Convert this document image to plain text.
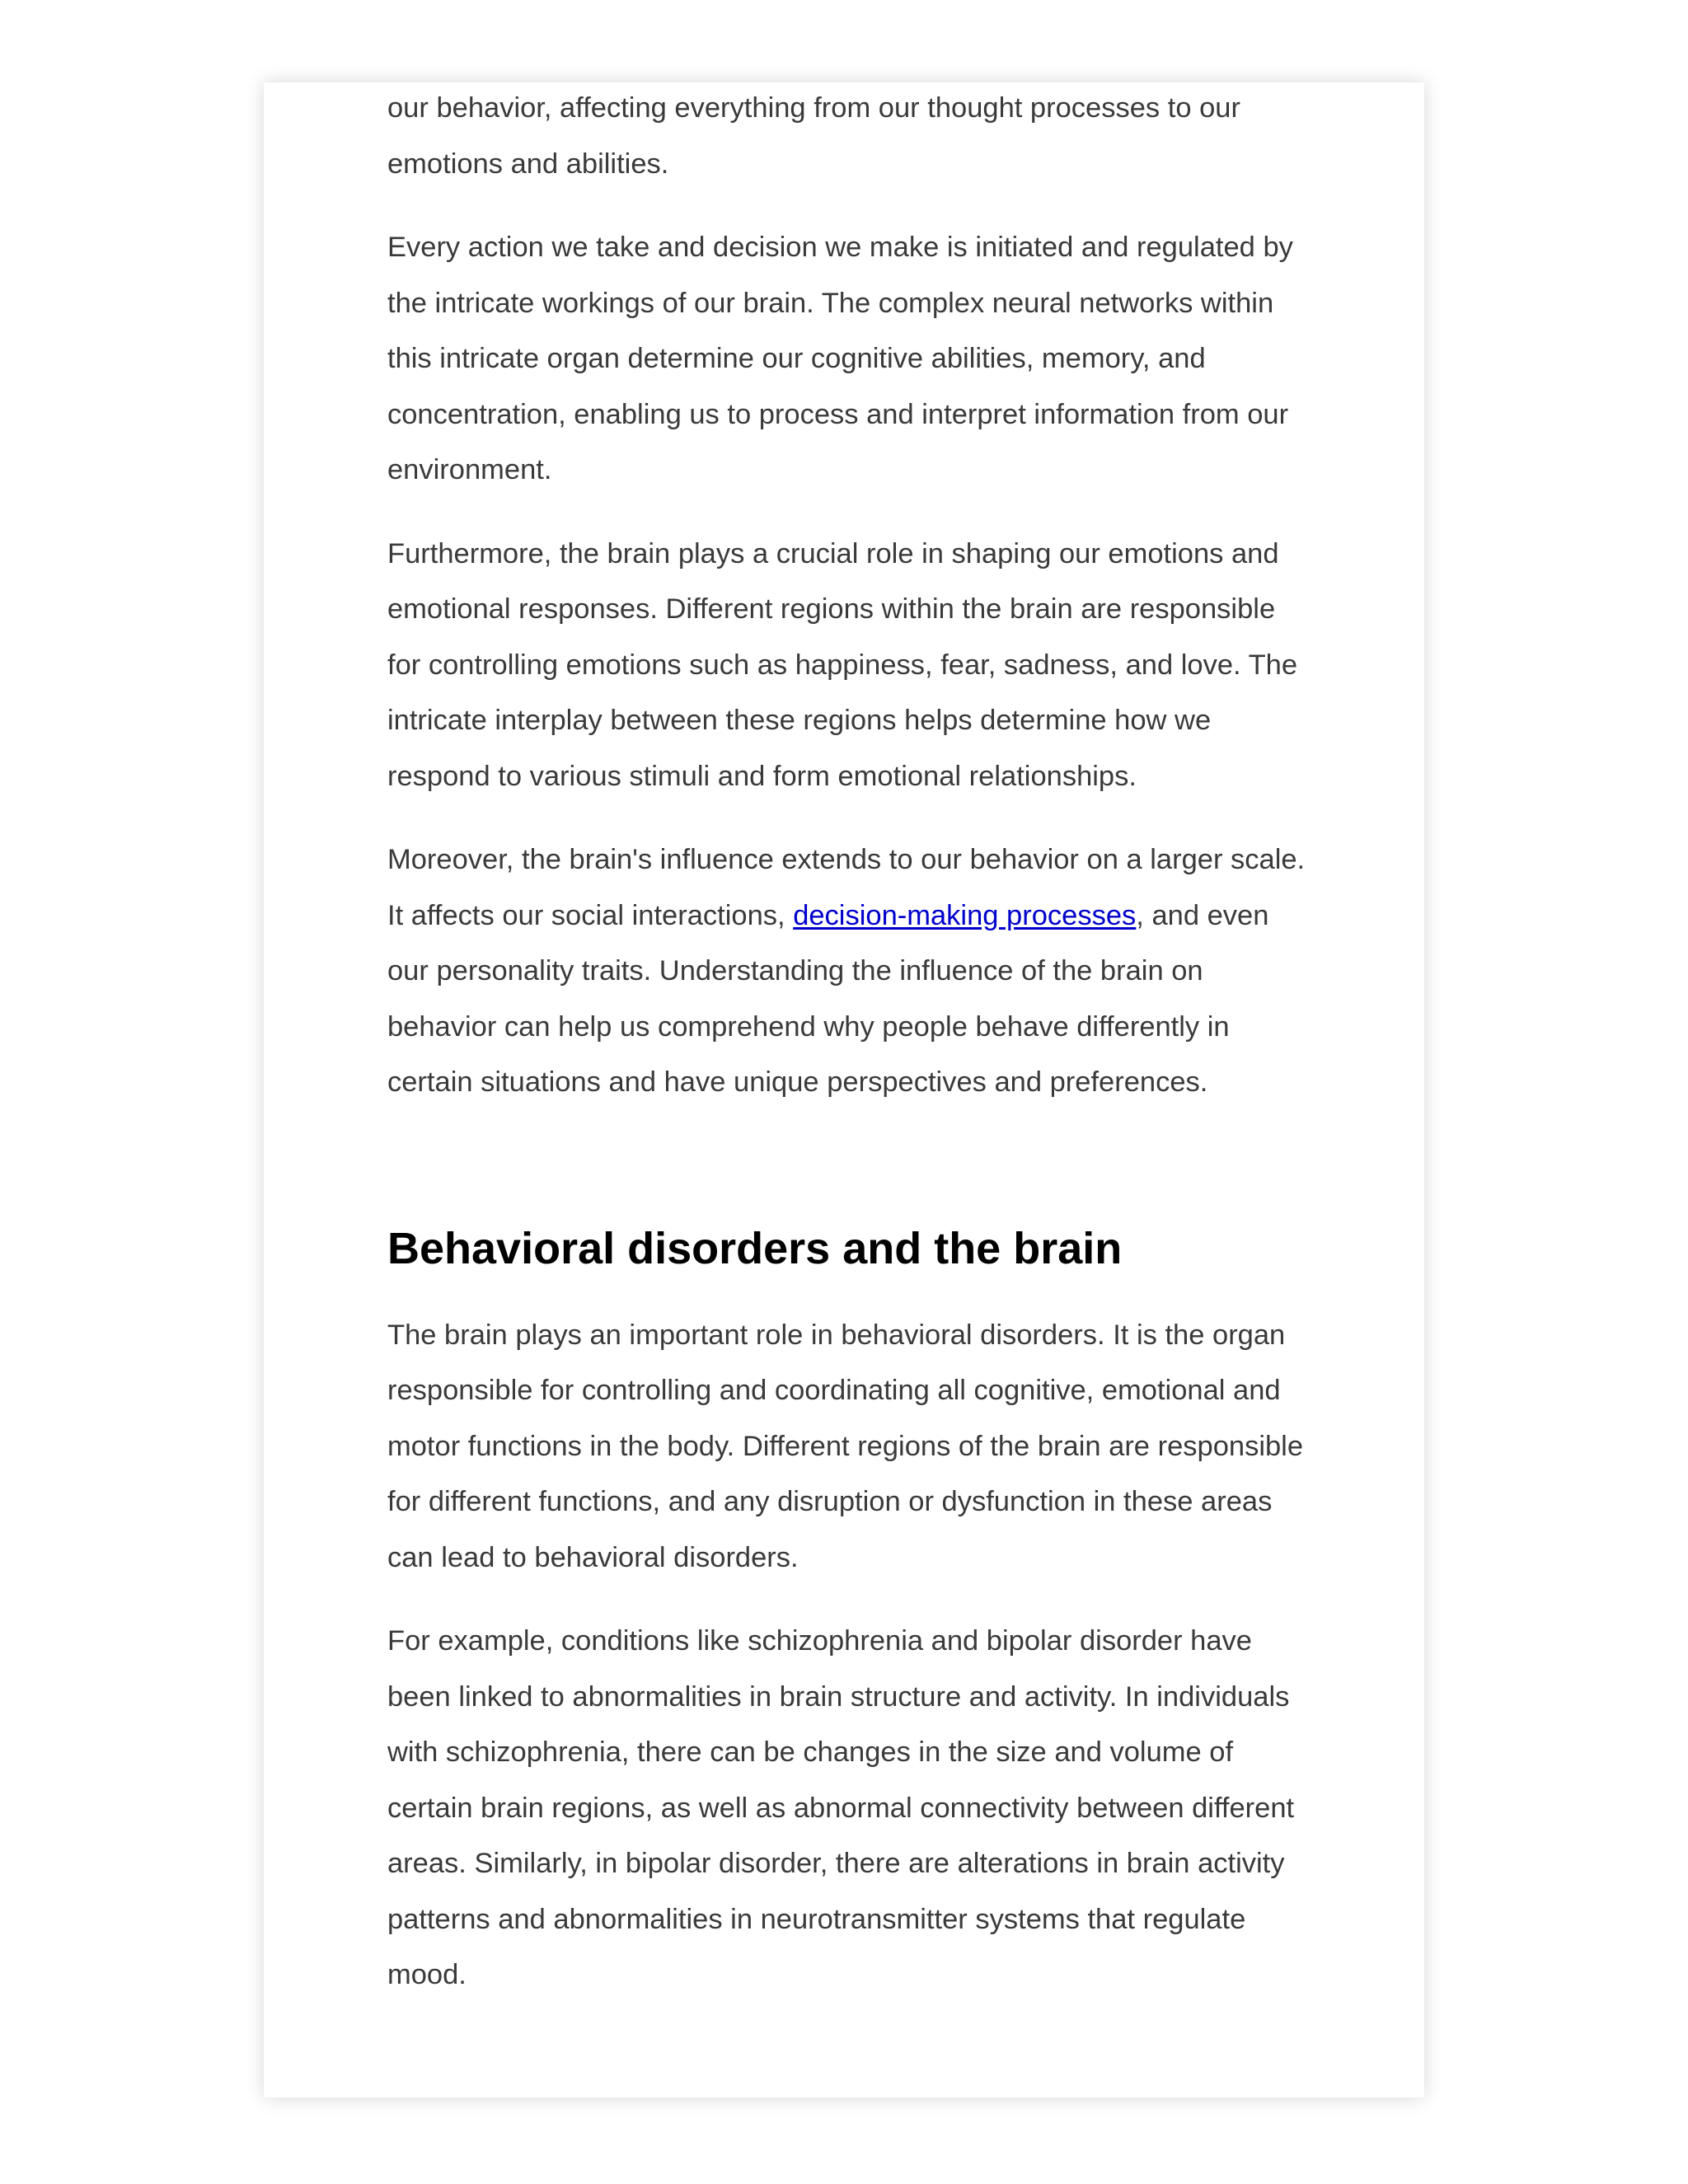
our behavior, affecting everything from our thought processes to our emotions and abilities.

Every action we take and decision we make is initiated and regulated by the intricate workings of our brain. The complex neural networks within this intricate organ determine our cognitive abilities, memory, and concentration, enabling us to process and interpret information from our environment.

Furthermore, the brain plays a crucial role in shaping our emotions and emotional responses. Different regions within the brain are responsible for controlling emotions such as happiness, fear, sadness, and love. The intricate interplay between these regions helps determine how we respond to various stimuli and form emotional relationships.

Moreover, the brain's influence extends to our behavior on a larger scale. It affects our social interactions, decision-making processes, and even our personality traits. Understanding the influence of the brain on behavior can help us comprehend why people behave differently in certain situations and have unique perspectives and preferences.

Behavioral disorders and the brain

The brain plays an important role in behavioral disorders. It is the organ responsible for controlling and coordinating all cognitive, emotional and motor functions in the body. Different regions of the brain are responsible for different functions, and any disruption or dysfunction in these areas can lead to behavioral disorders.

For example, conditions like schizophrenia and bipolar disorder have been linked to abnormalities in brain structure and activity. In individuals with schizophrenia, there can be changes in the size and volume of certain brain regions, as well as abnormal connectivity between different areas. Similarly, in bipolar disorder, there are alterations in brain activity patterns and abnormalities in neurotransmitter systems that regulate mood.
